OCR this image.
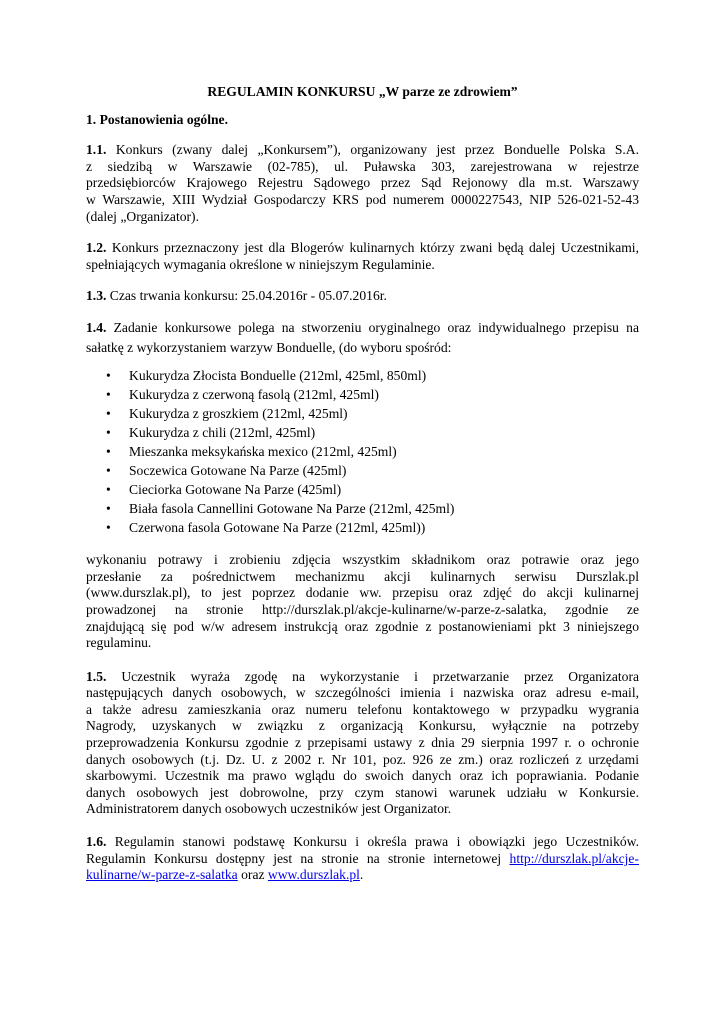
REGULAMIN KONKURSU „W parze ze zdrowiem”

1. Postanowienia ogólne.

1.1. Konkurs (zwany dalej „Konkursem”), organizowany jest przez Bonduelle Polska S.A.
z siedzibą w Warszawie (02-785), ul. Puławska 303, zarejestrowana w rejestrze
przedsiębiorców Krajowego Rejestru Sądowego przez Sąd Rejonowy dla m.st. Warszawy
w Warszawie, XIII Wydział Gospodarczy KRS pod numerem 0000227543, NIP 526-021-52-43
(dalej „Organizator).
1.2. Konkurs przeznaczony jest dla Blogerów kulinarnych którzy zwani będą dalej Uczestnikami,
spełniających wymagania określone w niniejszym Regulaminie.
1.3. Czas trwania konkursu: 25.04.2016r - 05.07.2016r.
1.4. Zadanie konkursowe polega na stworzeniu oryginalnego oraz indywidualnego przepisu na
sałatkę z wykorzystaniem warzyw Bonduelle, (do wyboru spośród:
• Kukurydza Złocista Bonduelle (212ml, 425ml, 850ml)
• Kukurydza z czerwoną fasolą (212ml, 425ml)
• Kukurydza z groszkiem (212ml, 425ml)
• Kukurydza z chili (212ml, 425ml)
• Mieszanka meksykańska mexico (212ml, 425ml)
• Soczewica Gotowane Na Parze (425ml)
• Cieciorka Gotowane Na Parze (425ml)
• Biała fasola Cannellini Gotowane Na Parze (212ml, 425ml)
• Czerwona fasola Gotowane Na Parze (212ml, 425ml))
wykonaniu potrawy i zrobieniu zdjęcia wszystkim składnikom oraz potrawie oraz jego
przesłanie za pośrednictwem mechanizmu akcji kulinarnych serwisu Durszlak.pl
(www.durszlak.pl), to jest poprzez dodanie ww. przepisu oraz zdjęć do akcji kulinarnej
prowadzonej na stronie http://durszlak.pl/akcje-kulinarne/w-parze-z-salatka, zgodnie ze
znajdującą się pod w/w adresem instrukcją oraz zgodnie z postanowieniami pkt 3 niniejszego
regulaminu.
1.5. Uczestnik wyraża zgodę na wykorzystanie i przetwarzanie przez Organizatora
następujących danych osobowych, w szczególności imienia i nazwiska oraz adresu e-mail,
a także adresu zamieszkania oraz numeru telefonu kontaktowego w przypadku wygrania
Nagrody, uzyskanych w związku z organizacją Konkursu, wyłącznie na potrzeby
przeprowadzenia Konkursu zgodnie z przepisami ustawy z dnia 29 sierpnia 1997 r. o ochronie
danych osobowych (t.j. Dz. U. z 2002 r. Nr 101, poz. 926 ze zm.) oraz rozliczeń z urzędami
skarbowymi. Uczestnik ma prawo wglądu do swoich danych oraz ich poprawiania. Podanie
danych osobowych jest dobrowolne, przy czym stanowi warunek udziału w Konkursie.
Administratorem danych osobowych uczestników jest Organizator.
1.6. Regulamin stanowi podstawę Konkursu i określa prawa i obowiązki jego Uczestników.
Regulamin Konkursu dostępny jest na stronie na stronie internetowej http://durszlak.pl/akcje-
kulinarne/w-parze-z-salatka oraz www.durszlak.pl.
